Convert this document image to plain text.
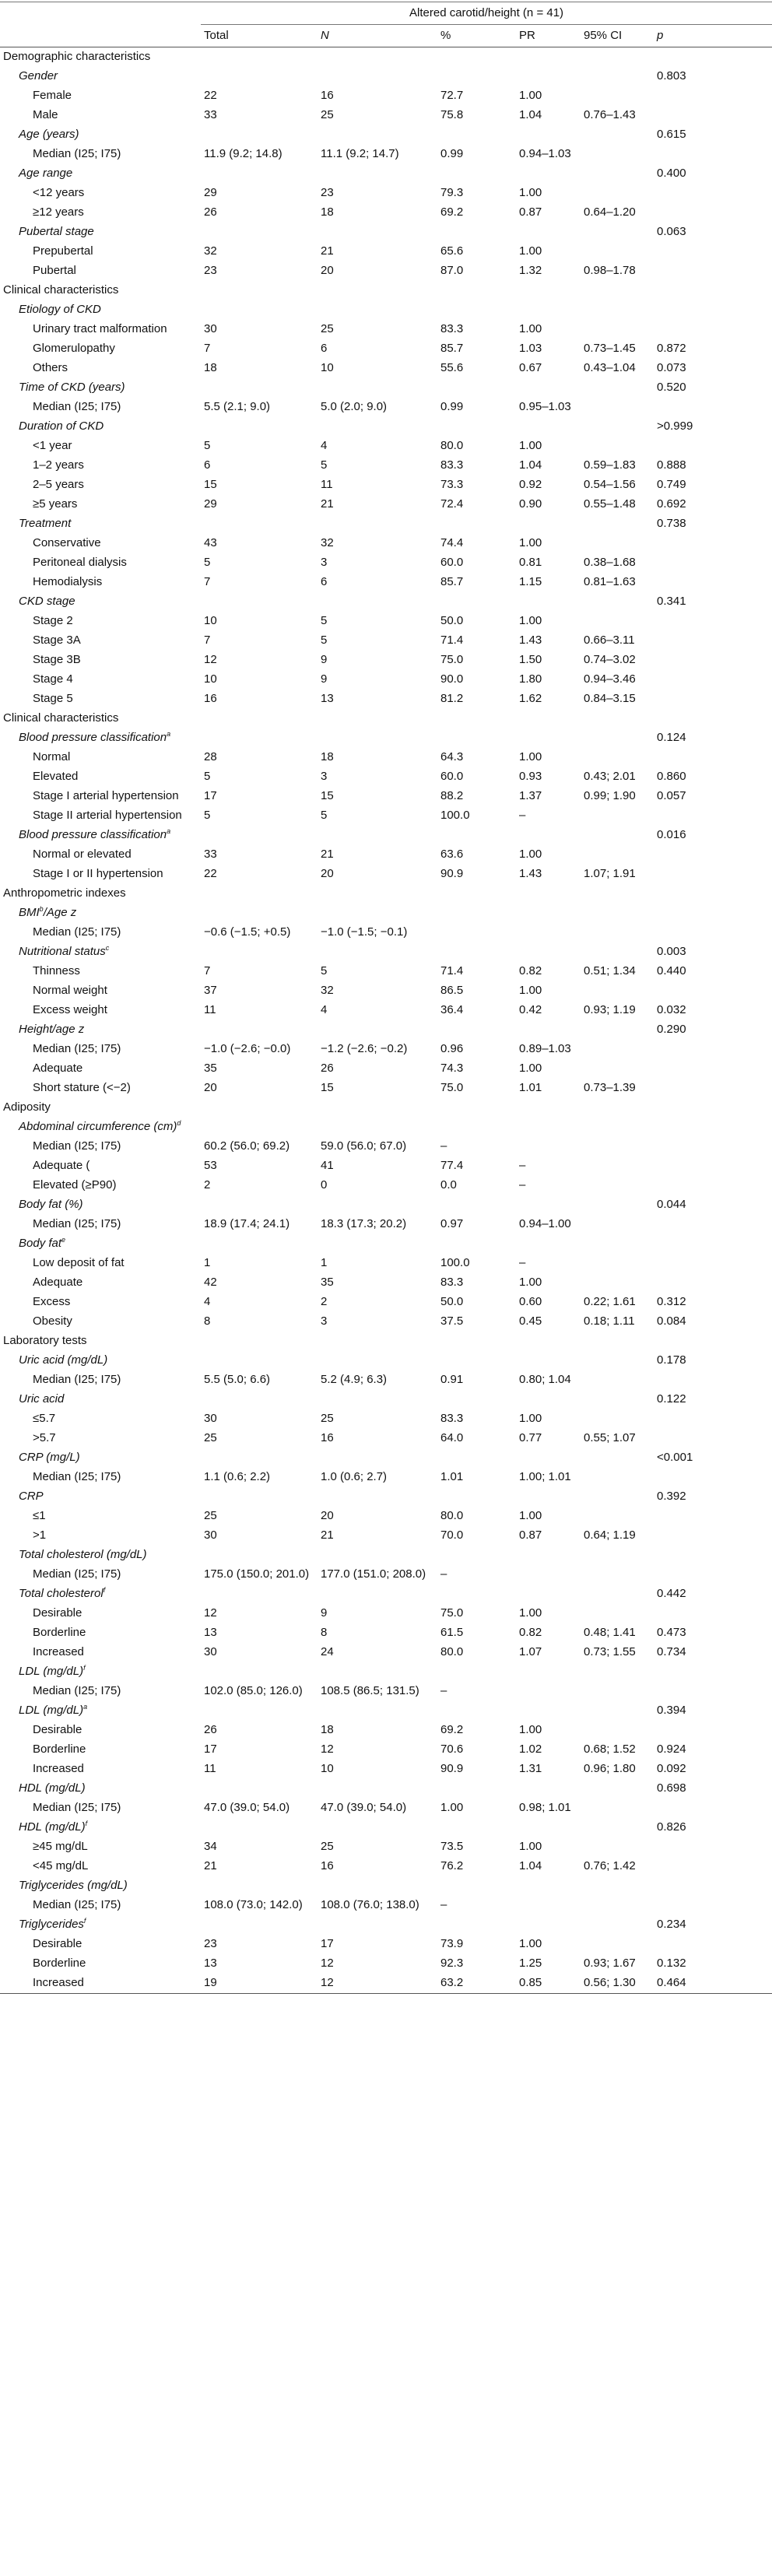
	Altered carotid/height (n = 41)					
	Total	N	%	PR	95% CI	p
Demographic characteristics						
Gender						0.803
Female	22	16	72.7	1.00		
Male	33	25	75.8	1.04	0.76–1.43	
Age (years)						0.615
Median (I25; I75)	11.9 (9.2; 14.8)	11.1 (9.2; 14.7)	0.99	0.94–1.03		
Age range						0.400
<12 years	29	23	79.3	1.00		
≥12 years	26	18	69.2	0.87	0.64–1.20	
Pubertal stage						0.063
Prepubertal	32	21	65.6	1.00		
Pubertal	23	20	87.0	1.32	0.98–1.78	
Clinical characteristics						
Etiology of CKD						
Urinary tract malformation	30	25	83.3	1.00		
Glomerulopathy	7	6	85.7	1.03	0.73–1.45	0.872
Others	18	10	55.6	0.67	0.43–1.04	0.073
Time of CKD (years)						0.520
Median (I25; I75)	5.5 (2.1; 9.0)	5.0 (2.0; 9.0)	0.99	0.95–1.03		
Duration of CKD						>0.999
<1 year	5	4	80.0	1.00		
1–2 years	6	5	83.3	1.04	0.59–1.83	0.888
2–5 years	15	11	73.3	0.92	0.54–1.56	0.749
≥5 years	29	21	72.4	0.90	0.55–1.48	0.692
Treatment						0.738
Conservative	43	32	74.4	1.00		
Peritoneal dialysis	5	3	60.0	0.81	0.38–1.68	
Hemodialysis	7	6	85.7	1.15	0.81–1.63	
CKD stage						0.341
Stage 2	10	5	50.0	1.00		
Stage 3A	7	5	71.4	1.43	0.66–3.11	
Stage 3B	12	9	75.0	1.50	0.74–3.02	
Stage 4	10	9	90.0	1.80	0.94–3.46	
Stage 5	16	13	81.2	1.62	0.84–3.15	
Clinical characteristics						
Blood pressure classification$^a$						0.124
Normal	28	18	64.3	1.00		
Elevated	5	3	60.0	0.93	0.43; 2.01	0.860
Stage I arterial hypertension	17	15	88.2	1.37	0.99; 1.90	0.057
Stage II arterial hypertension	5	5	100.0	–		
Blood pressure classification$^a$						0.016
Normal or elevated	33	21	63.6	1.00		
Stage I or II hypertension	22	20	90.9	1.43	1.07; 1.91	
Anthropometric indexes						
BMI$^b$/Age z						
Median (I25; I75)	−0.6 (−1.5; +0.5)	−1.0 (−1.5; −0.1)				
Nutritional status$^c$						0.003
Thinness	7	5	71.4	0.82	0.51; 1.34	0.440
Normal weight	37	32	86.5	1.00		
Excess weight	11	4	36.4	0.42	0.93; 1.19	0.032
Height/age z						0.290
Median (I25; I75)	−1.0 (−2.6; −0.0)	−1.2 (−2.6; −0.2)	0.96	0.89–1.03		
Adequate	35	26	74.3	1.00		
Short stature (<−2)	20	15	75.0	1.01	0.73–1.39	
Adiposity						
Abdominal circumference (cm)$^d$						
Median (I25; I75)	60.2 (56.0; 69.2)	59.0 (56.0; 67.0)	–			
Adequate (	53	41	77.4	–		
Elevated (≥P90)	2	0	0.0	–		
Body fat (%)						0.044
Median (I25; I75)	18.9 (17.4; 24.1)	18.3 (17.3; 20.2)	0.97	0.94–1.00		
Body fat$^e$						
Low deposit of fat	1	1	100.0	–		
Adequate	42	35	83.3	1.00		
Excess	4	2	50.0	0.60	0.22; 1.61	0.312
Obesity	8	3	37.5	0.45	0.18; 1.11	0.084
Laboratory tests						
Uric acid (mg/dL)						0.178
Median (I25; I75)	5.5 (5.0; 6.6)	5.2 (4.9; 6.3)	0.91	0.80; 1.04		
Uric acid						0.122
≤5.7	30	25	83.3	1.00		
>5.7	25	16	64.0	0.77	0.55; 1.07	
CRP (mg/L)						<0.001
Median (I25; I75)	1.1 (0.6; 2.2)	1.0 (0.6; 2.7)	1.01	1.00; 1.01		
CRP						0.392
≤1	25	20	80.0	1.00		
>1	30	21	70.0	0.87	0.64; 1.19	
Total cholesterol (mg/dL)						
Median (I25; I75)	175.0 (150.0; 201.0)	177.0 (151.0; 208.0)	–			
Total cholesterol$^f$						0.442
Desirable	12	9	75.0	1.00		
Borderline	13	8	61.5	0.82	0.48; 1.41	0.473
Increased	30	24	80.0	1.07	0.73; 1.55	0.734
LDL $(mg/dL)^f$						
Median (I25; I75)	102.0 (85.0; 126.0)	108.5 (86.5; 131.5)	–			
LDL $(mg/dL)^a$						0.394
Desirable	26	18	69.2	1.00		
Borderline	17	12	70.6	1.02	0.68; 1.52	0.924
Increased	11	10	90.9	1.31	0.96; 1.80	0.092
HDL (mg/dL)						0.698
Median (I25; I75)	47.0 (39.0; 54.0)	47.0 (39.0; 54.0)	1.00	0.98; 1.01		
HDL $(mg/dL)^f$						0.826
≥45 mg/dL	34	25	73.5	1.00		
<45 mg/dL	21	16	76.2	1.04	0.76; 1.42	
Triglycerides (mg/dL)						
Median (I25; I75)	108.0 (73.0; 142.0)	108.0 (76.0; 138.0)	–			
Triglycerides$^f$						0.234
Desirable	23	17	73.9	1.00		
Borderline	13	12	92.3	1.25	0.93; 1.67	0.132
Increased	19	12	63.2	0.85	0.56; 1.30	0.464
